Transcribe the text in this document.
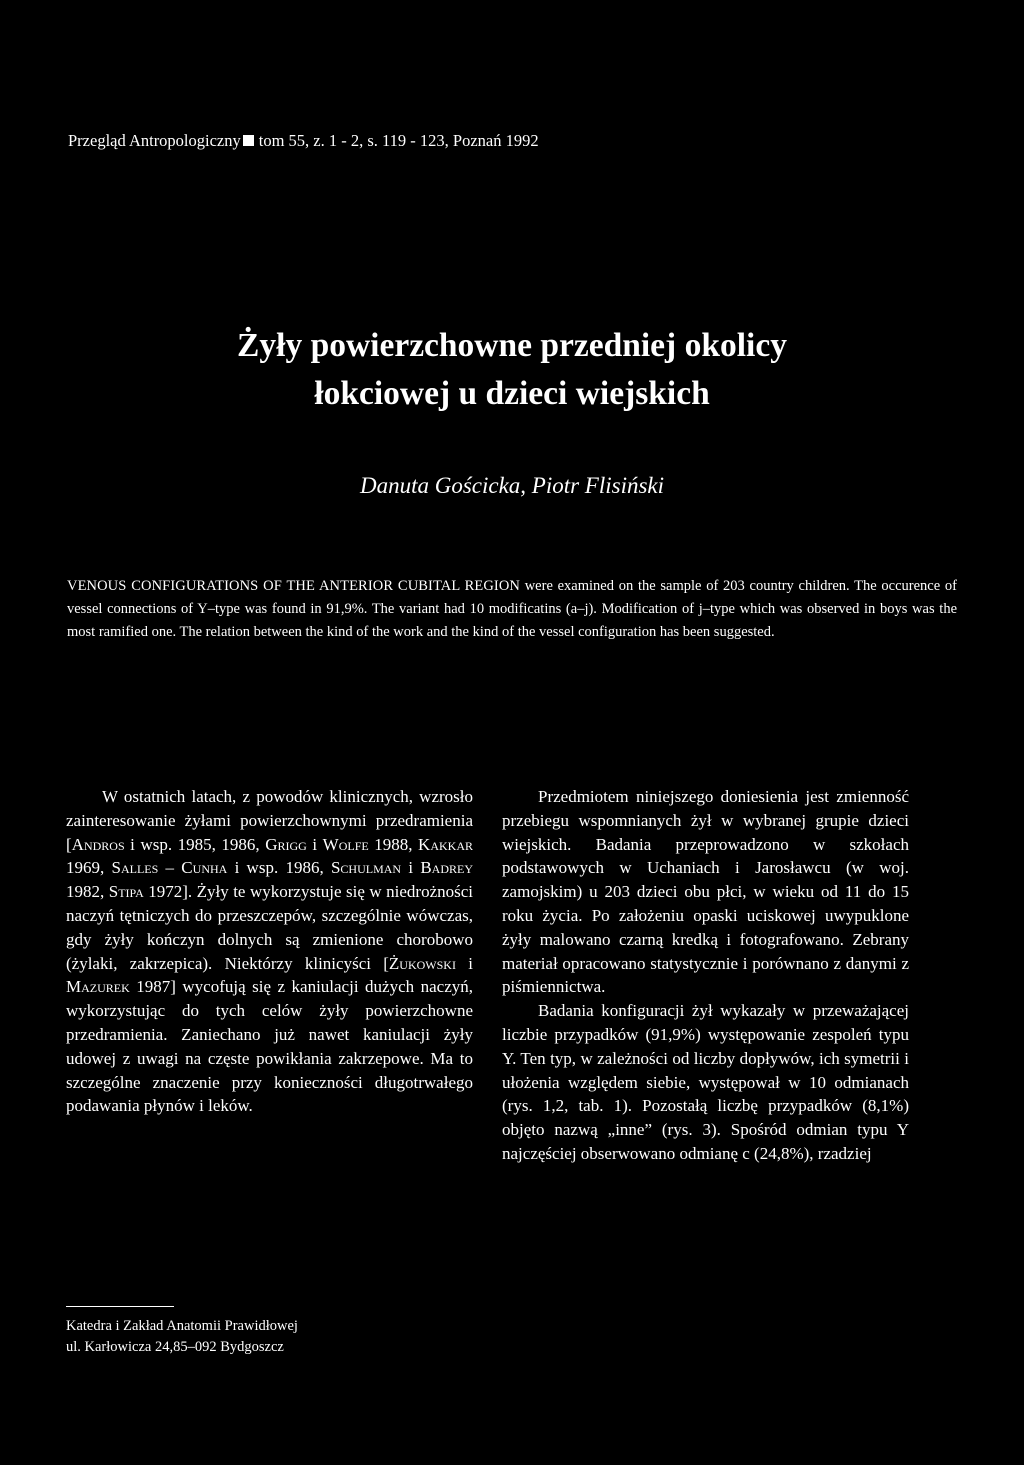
Przegląd Antropologiczny tom 55, z. 1 - 2, s. 119 - 123, Poznań 1992
Żyły powierzchowne przedniej okolicy
łokciowej u dzieci wiejskich
Danuta Gościcka, Piotr Flisiński
VENOUS CONFIGURATIONS OF THE ANTERIOR CUBITAL REGION were examined on the sample of 203 country children. The occurence of vessel connections of Y–type was found in 91,9%. The variant had 10 modificatins (a–j). Modification of j–type which was observed in boys was the most ramified one. The relation between the kind of the work and the kind of the vessel configuration has been suggested.

W ostatnich latach, z powodów klinicznych, wzrosło zainteresowanie żyłami powierzchownymi przedramienia [Andros i wsp. 1985, 1986, Grigg i Wolfe 1988, Kakkar 1969, Salles – Cunha i wsp. 1986, Schulman i Badrey 1982, Stipa 1972]. Żyły te wykorzystuje się w niedrożności naczyń tętniczych do przeszczepów, szczególnie wówczas, gdy żyły kończyn dolnych są zmienione chorobowo (żylaki, zakrzepica). Niektórzy klinicyści [Żukowski i Mazurek 1987] wycofują się z kaniulacji dużych naczyń, wykorzystując do tych celów żyły powierzchowne przedramienia. Zaniechano już nawet kaniulacji żyły udowej z uwagi na częste powikłania zakrzepowe. Ma to szczególne znaczenie przy konieczności długotrwałego podawania płynów i leków.

Katedra i Zakład Anatomii Prawidłowej
ul. Karłowicza 24,85–092 Bydgoszcz

Przedmiotem niniejszego doniesienia jest zmienność przebiegu wspomnianych żył w wybranej grupie dzieci wiejskich. Badania przeprowadzono w szkołach podstawowych w Uchaniach i Jarosławcu (w woj. zamojskim) u 203 dzieci obu płci, w wieku od 11 do 15 roku życia. Po założeniu opaski uciskowej uwypuklone żyły malowano czarną kredką i fotografowano. Zebrany materiał opracowano statystycznie i porównano z danymi z piśmiennictwa.

Badania konfiguracji żył wykazały w przeważającej liczbie przypadków (91,9%) występowanie zespoleń typu Y. Ten typ, w zależności od liczby dopływów, ich symetrii i ułożenia względem siebie, występował w 10 odmianach (rys. 1,2, tab. 1). Pozostałą liczbę przypadków (8,1%) objęto nazwą „inne” (rys. 3). Spośród odmian typu Y najczęściej obserwowano odmianę c (24,8%), rzadziej
